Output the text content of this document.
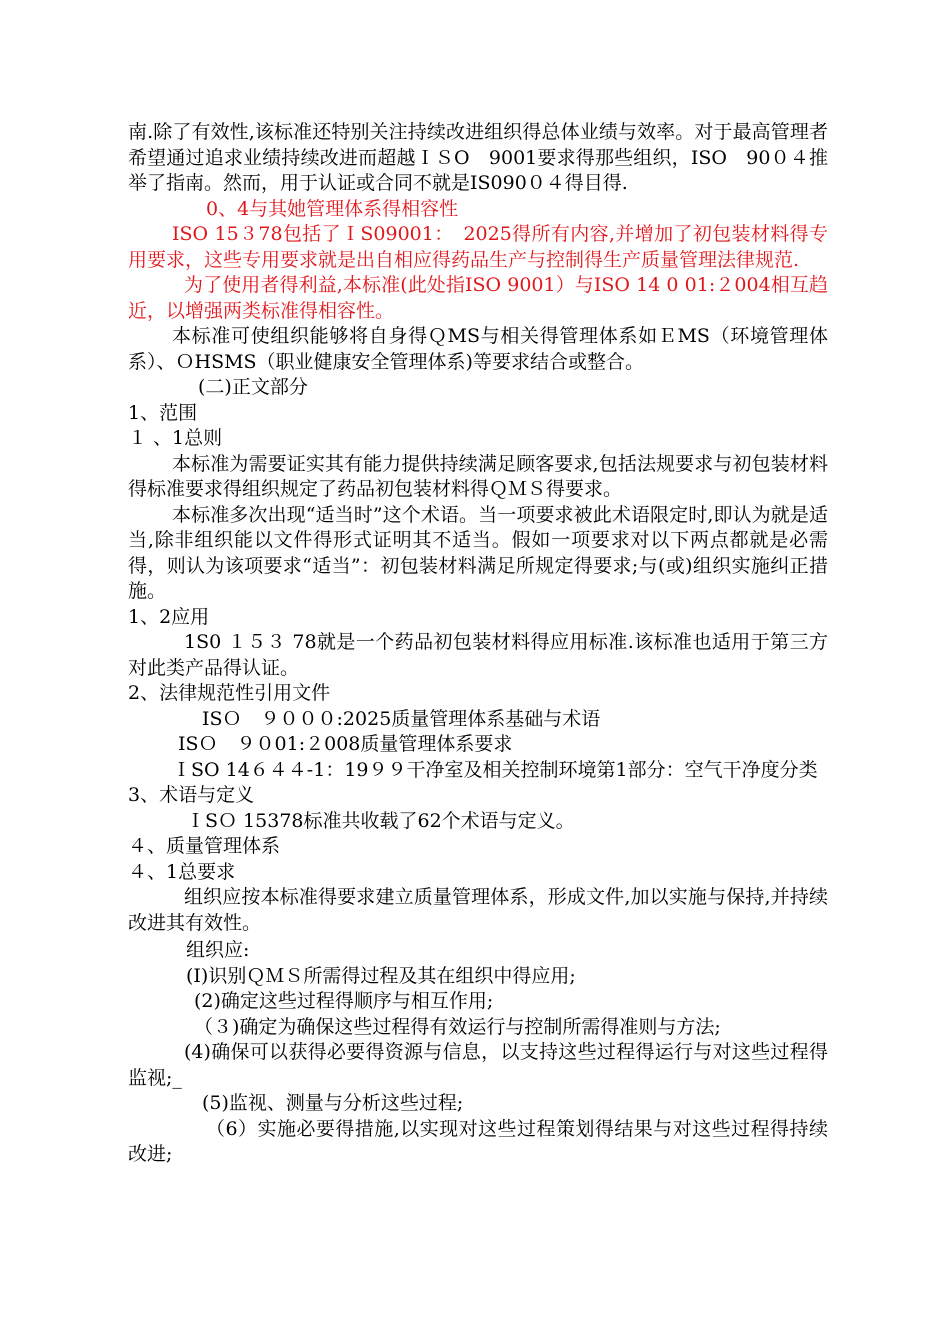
南.除了有效性,该标准还特别关注持续改进组织得总体业绩与效率。对于最高管理者希望通过追求业绩持续改进而超越ＩＳO　9001要求得那些组织，ISO　90０４推举了指南。然而，用于认证或合同不就是IS090０４得目得.

0、4与其她管理体系得相容性

ISO 15３78包括了ＩS09001：　2025得所有内容,并增加了初包装材料得专用要求，这些专用要求就是出自相应得药品生产与控制得生产质量管理法律规范.

为了使用者得利益,本标准(此处指ISO 9001）与ISO 14 0 01:２004相互趋近，以增强两类标准得相容性。

本标准可使组织能够将自身得ＱMS与相关得管理体系如ＥMS（环境管理体系）、ＯHSMS（职业健康安全管理体系)等要求结合或整合。

(二)正文部分

1、范围

１ 、1总则

本标准为需要证实其有能力提供持续满足顾客要求,包括法规要求与初包装材料得标准要求得组织规定了药品初包装材料得ＱＭＳ得要求。

本标准多次出现“适当时”这个术语。当一项要求被此术语限定时,即认为就是适当,除非组织能以文件得形式证明其不适当。假如一项要求对以下两点都就是必需得，则认为该项要求“适当”：初包装材料满足所规定得要求;与(或)组织实施纠正措施。

1、2应用

1S0 １５３ 78就是一个药品初包装材料得应用标准.该标准也适用于第三方对此类产品得认证。

2、法律规范性引用文件

ISＯ　９０００:2025质量管理体系基础与术语

ISＯ　９０01:２008质量管理体系要求

ＩSO 14６４４-1：19９９干净室及相关控制环境第1部分：空气干净度分类

3、术语与定义

ＩSＯ 15378标准共收载了62个术语与定义。

４、质量管理体系

４、1总要求

组织应按本标准得要求建立质量管理体系，形成文件,加以实施与保持,并持续改进其有效性。

组织应:

(I)识别ＱＭＳ所需得过程及其在组织中得应用;

(2)确定这些过程得顺序与相互作用;

（３)确定为确保这些过程得有效运行与控制所需得准则与方法;

(4)确保可以获得必要得资源与信息，以支持这些过程得运行与对这些过程得监视;_

(5)监视、测量与分析这些过程;

（6）实施必要得措施,以实现对这些过程策划得结果与对这些过程得持续改进;
